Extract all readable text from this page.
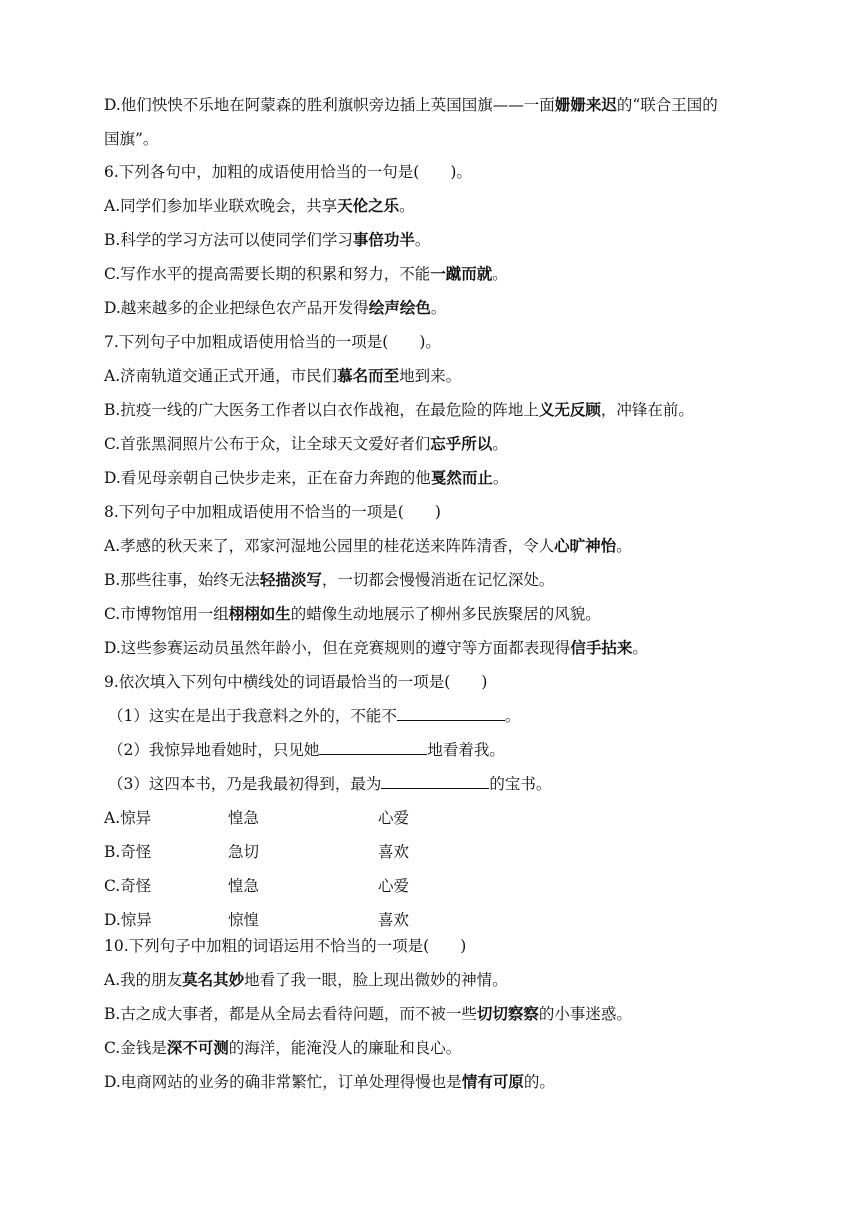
D.他们怏怏不乐地在阿蒙森的胜利旗帜旁边插上英国国旗——一面姗姗来迟的“联合王国的
国旗”。
6.下列各句中，加粗的成语使用恰当的一句是(　　)。
A.同学们参加毕业联欢晚会，共享天伦之乐。
B.科学的学习方法可以使同学们学习事倍功半。
C.写作水平的提高需要长期的积累和努力，不能一蹴而就。
D.越来越多的企业把绿色农产品开发得绘声绘色。
7.下列句子中加粗成语使用恰当的一项是(　　)。
A.济南轨道交通正式开通，市民们慕名而至地到来。
B.抗疫一线的广大医务工作者以白衣作战袍，在最危险的阵地上义无反顾，冲锋在前。
C.首张黑洞照片公布于众，让全球天文爱好者们忘乎所以。
D.看见母亲朝自己快步走来，正在奋力奔跑的他戛然而止。
8.下列句子中加粗成语使用不恰当的一项是(　　)
A.孝感的秋天来了，邓家河湿地公园里的桂花送来阵阵清香，令人心旷神怡。
B.那些往事，始终无法轻描淡写，一切都会慢慢消逝在记忆深处。
C.市博物馆用一组栩栩如生的蜡像生动地展示了柳州多民族聚居的风貌。
D.这些参赛运动员虽然年龄小，但在竞赛规则的遵守等方面都表现得信手拈来。
9.依次填入下列句中横线处的词语最恰当的一项是(　　)
（1）这实在是出于我意料之外的，不能不	。
（2）我惊异地看她时，只见她	地看着我。
（3）这四本书，乃是我最初得到，最为	的宝书。
10.下列句子中加粗的词语运用不恰当的一项是(　　)
A.我的朋友莫名其妙地看了我一眼，脸上现出微妙的神情。
B.古之成大事者，都是从全局去看待问题，而不被一些切切察察的小事迷惑。
C.金钱是深不可测的海洋，能淹没人的廉耻和良心。
D.电商网站的业务的确非常繁忙，订单处理得慢也是情有可原的。
A.惊异	惶急	心爱
B.奇怪	急切	喜欢
C.奇怪	惶急	心爱
D.惊异	惊惶	喜欢
